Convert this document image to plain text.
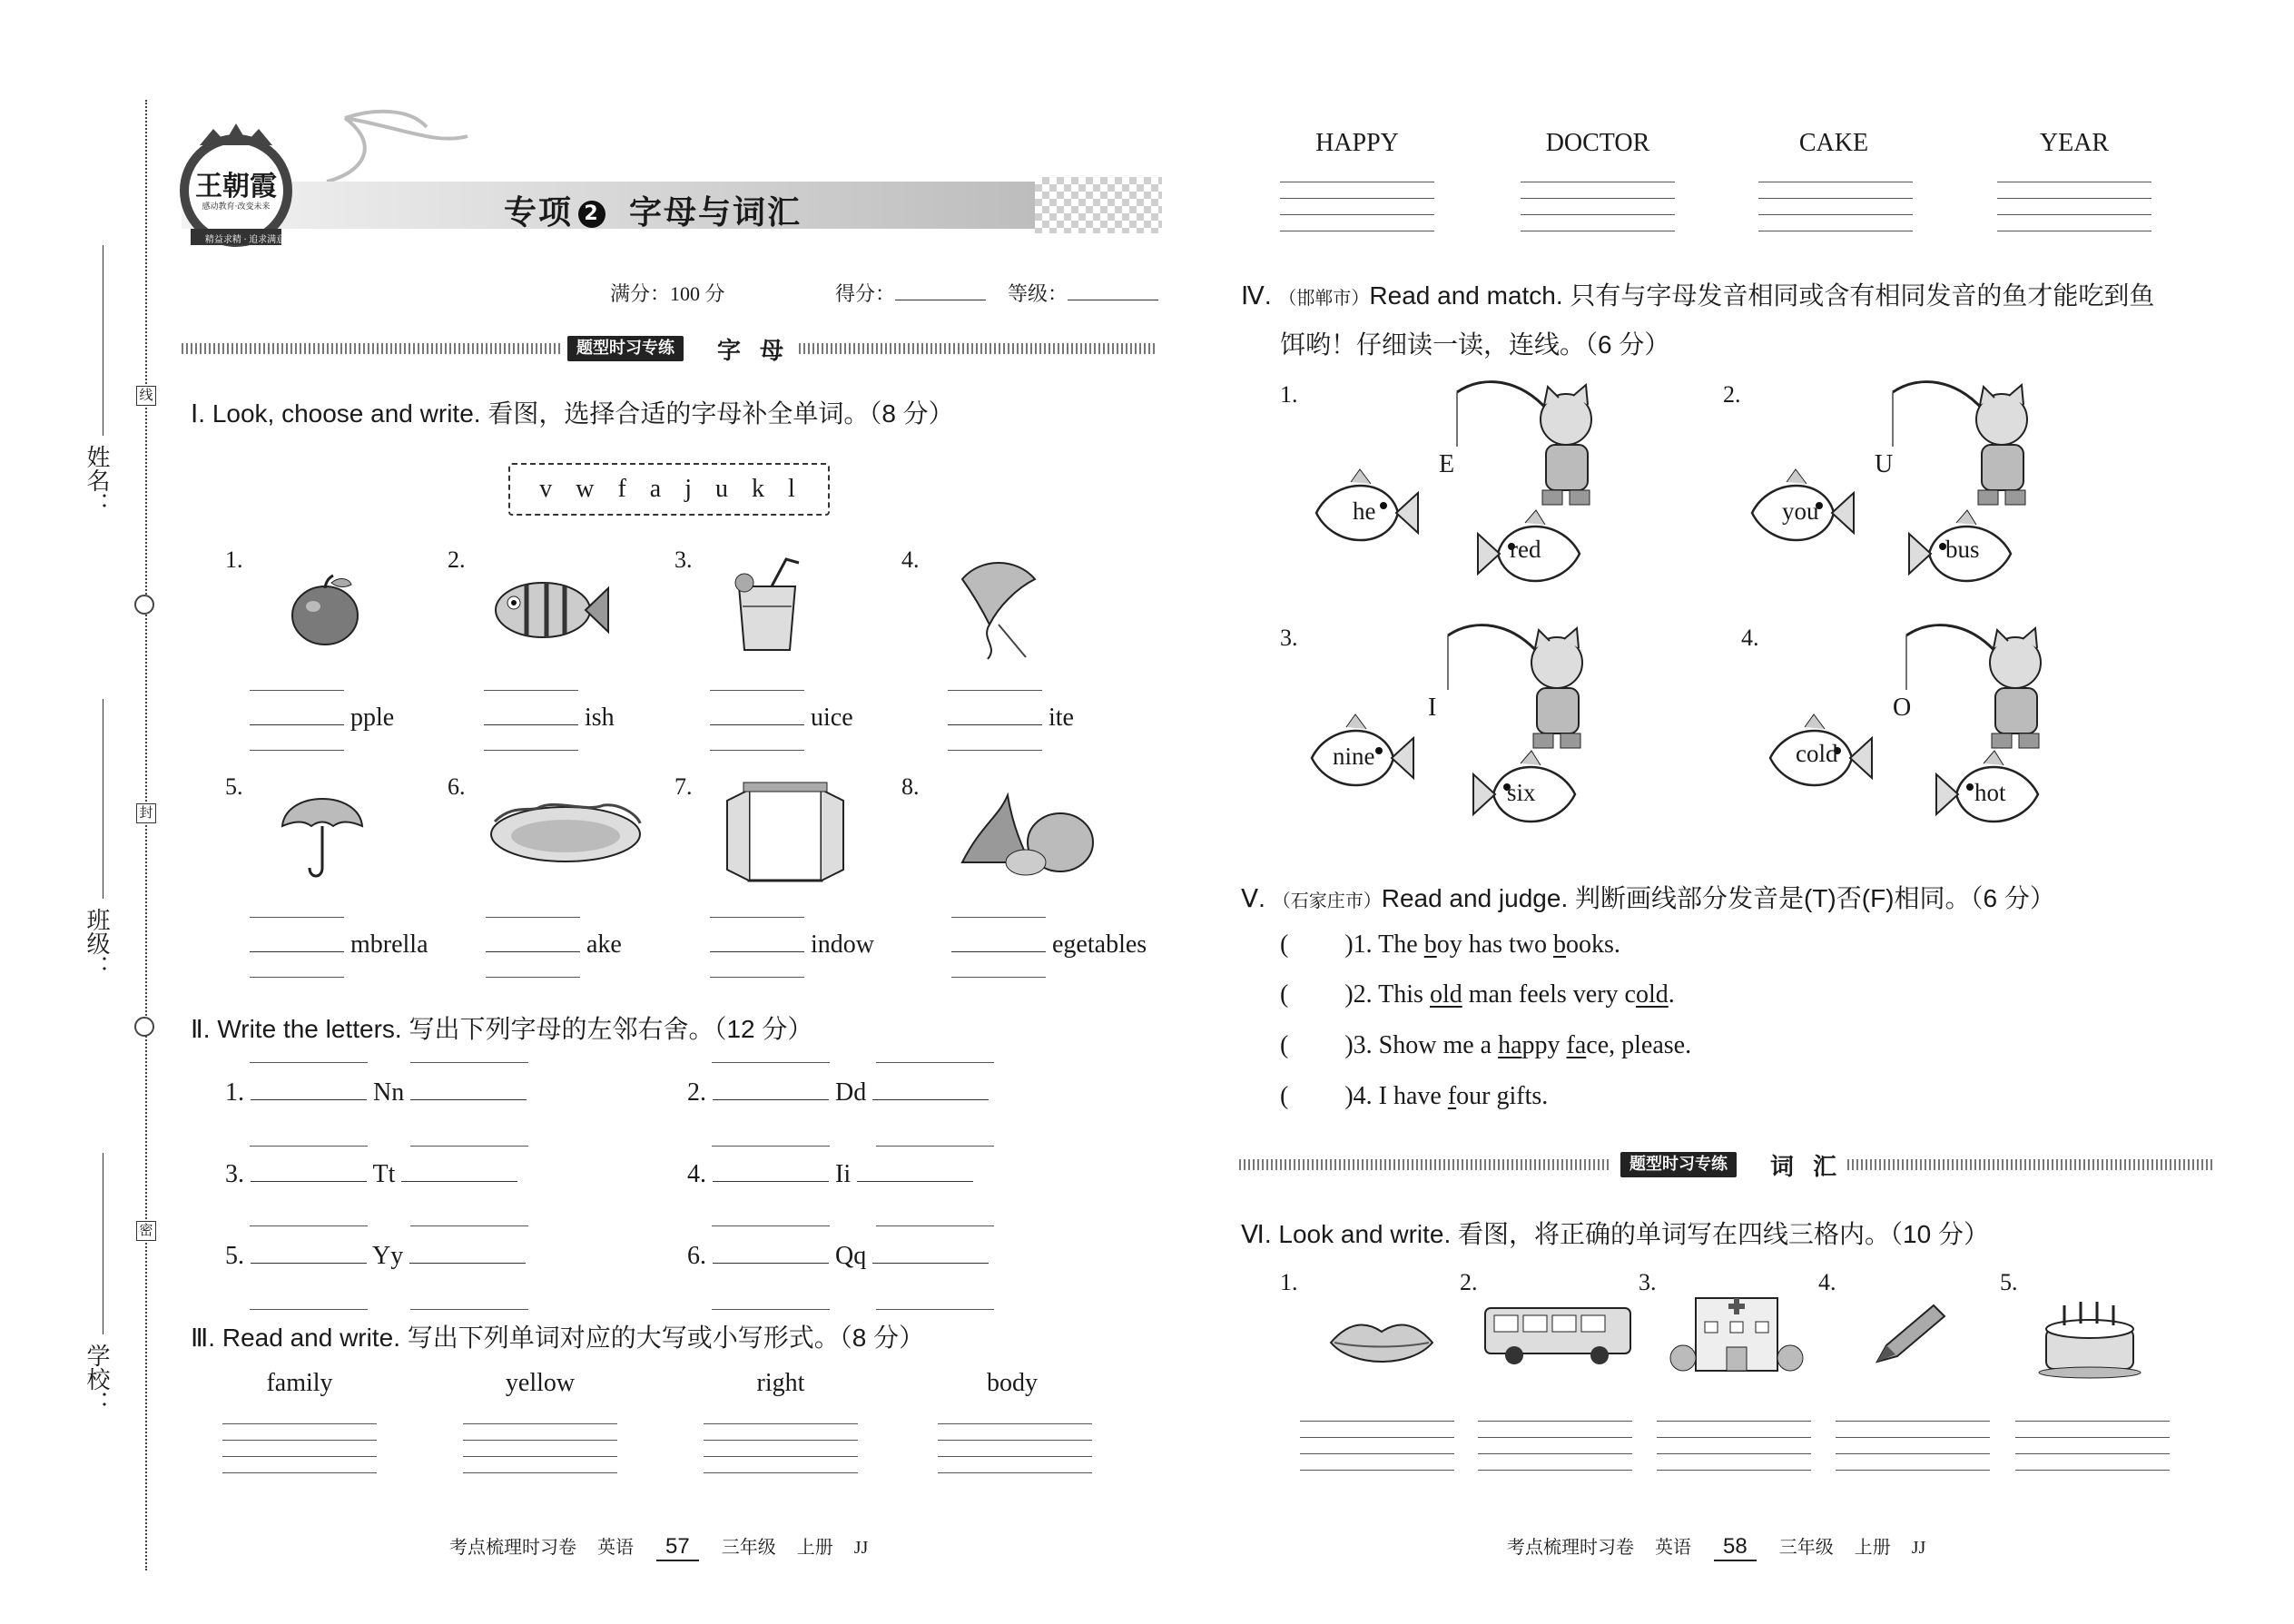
姓名：
班级：
学校：
线
封
密
王朝霞
感动教育·改变未来
精益求精 · 追求满意
专项 2 字母与词汇
满分：100 分	得分：	等级：
题型时习专练	字 母
Ⅰ. Look, choose and write. 看图，选择合适的字母补全单词。（8 分）
v  w  f  a  j  u  k  l
1.	2.	3.	4.
pple	ish	uice	ite
5.	6.	7.	8.
mbrella	ake	indow	egetables
Ⅱ. Write the letters. 写出下列字母的左邻右舍。（12 分）
1.	Nn	2.	Dd
3.	Tt	4.	Ii
5.	Yy	6.	Qq
Ⅲ. Read and write. 写出下列单词对应的大写或小写形式。（8 分）
family	yellow	right	body
考点梳理时习卷 英语 57 三年级 上册 JJ
HAPPY	DOCTOR	CAKE	YEAR
Ⅳ. （邯郸市）Read and match. 只有与字母发音相同或含有相同发音的鱼才能吃到鱼
饵哟！仔细读一读，连线。（6 分）
1.	2.
3.	4.
E	U
I	O
he
red
you
bus
nine
six
cold
hot
Ⅴ. （石家庄市）Read and judge. 判断画线部分发音是(T)否(F)相同。（6 分）
( )1. The boy has two books.
( )2. This old man feels very cold.
( )3. Show me a happy face, please.
( )4. I have four gifts.
题型时习专练	词 汇
Ⅵ. Look and write. 看图，将正确的单词写在四线三格内。（10 分）
1.	2.	3.	4.	5.
考点梳理时习卷 英语 58 三年级 上册 JJ
